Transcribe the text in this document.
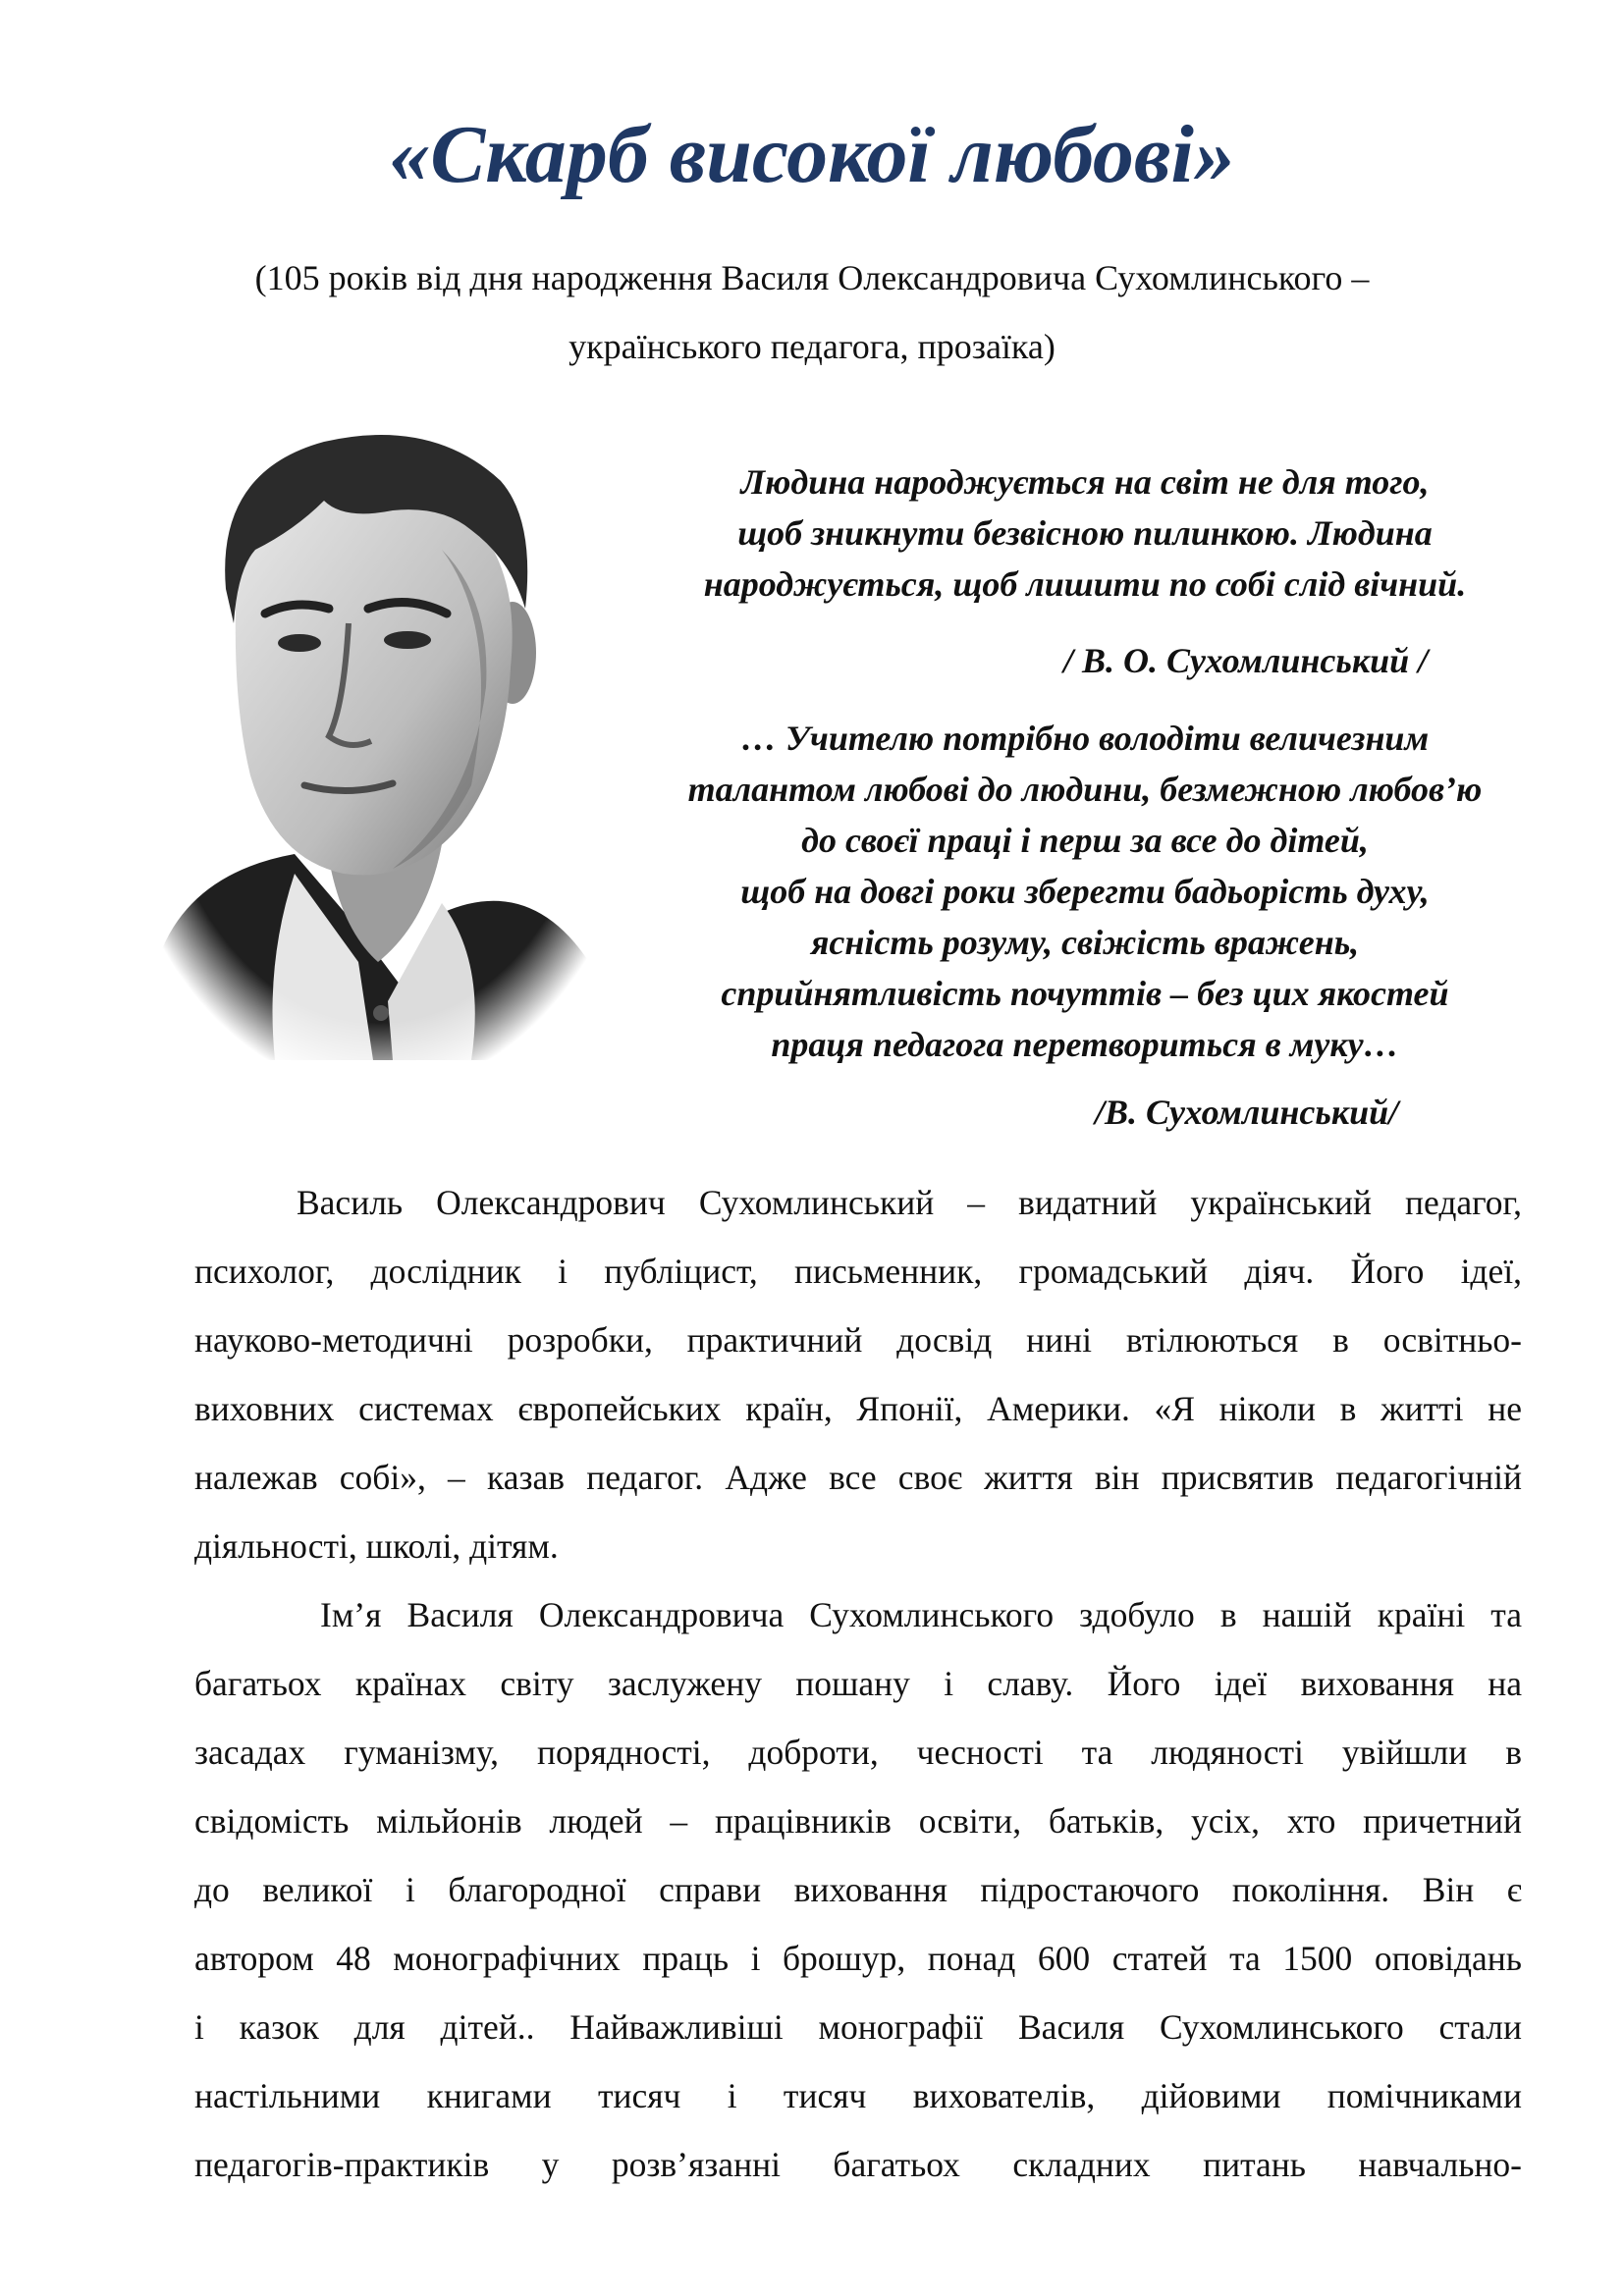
«Скарб високої любові»
(105 років від дня народження Василя Олександровича Сухомлинського –
українського педагога, прозаїка)
Людина народжується на світ не для того,
щоб зникнути безвісною пилинкою. Людина
народжується, щоб лишити по собі слід вічний.
/ В. О. Сухомлинський /
… Учителю потрібно володіти величезним
талантом любові до людини, безмежною любов’ю
до своєї праці і перш за все до дітей,
щоб на довгі роки зберегти бадьорість духу,
ясність розуму, свіжість вражень,
сприйнятливість почуттів – без цих якостей
праця педагога перетвориться в муку…
/В. Сухомлинський/
Василь Олександрович Сухомлинський – видатний український педагог,
психолог, дослідник і публіцист, письменник, громадський діяч. Його ідеї,
науково-методичні розробки, практичний досвід нині втілюються в освітньо-
виховних системах європейських країн, Японії, Америки. «Я ніколи в житті не
належав собі», – казав педагог. Адже все своє життя він присвятив педагогічній
діяльності, школі, дітям.
Ім’я Василя Олександровича Сухомлинського здобуло в нашій країні та
багатьох країнах світу заслужену пошану і славу. Його ідеї виховання на
засадах гуманізму, порядності, доброти, чесності та людяності увійшли в
свідомість мільйонів людей – працівників освіти, батьків, усіх, хто причетний
до великої і благородної справи виховання підростаючого покоління. Він є
автором 48 монографічних праць і брошур, понад 600 статей та 1500 оповідань
і казок для дітей.. Найважливіші монографії Василя Сухомлинського стали
настільними книгами тисяч і тисяч вихователів, дійовими помічниками
педагогів-практиків у розв’язанні багатьох складних питань навчально-
